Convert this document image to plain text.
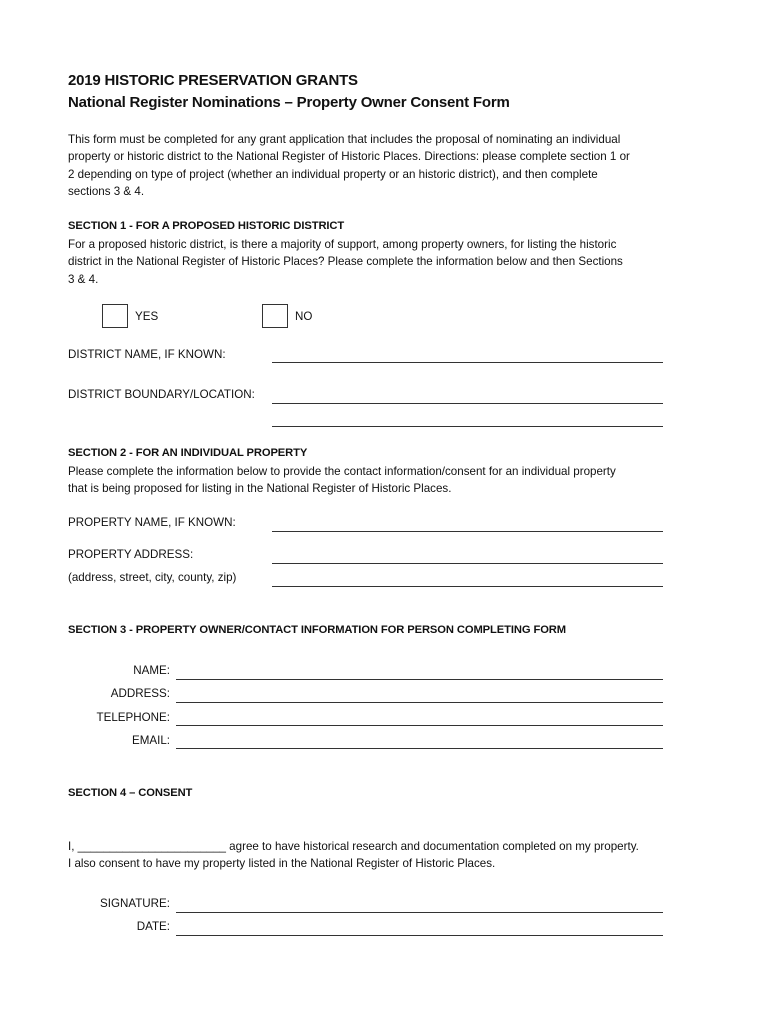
2019 HISTORIC PRESERVATION GRANTS
National Register Nominations – Property Owner Consent Form
This form must be completed for any grant application that includes the proposal of nominating an individual
property or historic district to the National Register of Historic Places. Directions: please complete section 1 or
2 depending on type of project (whether an individual property or an historic district), and then complete
sections 3 & 4.
SECTION 1 - FOR A PROPOSED HISTORIC DISTRICT
For a proposed historic district, is there a majority of support, among property owners, for listing the historic
district in the National Register of Historic Places? Please complete the information below and then Sections
3 & 4.
YES	NO
DISTRICT NAME, IF KNOWN:
DISTRICT BOUNDARY/LOCATION:
SECTION 2 - FOR AN INDIVIDUAL PROPERTY
Please complete the information below to provide the contact information/consent for an individual property
that is being proposed for listing in the National Register of Historic Places.
PROPERTY NAME, IF KNOWN:
PROPERTY ADDRESS:
(address, street, city, county, zip)
SECTION 3 - PROPERTY OWNER/CONTACT INFORMATION FOR PERSON COMPLETING FORM
NAME:
ADDRESS:
TELEPHONE:
EMAIL:
SECTION 4 – CONSENT
I, _______________________ agree to have historical research and documentation completed on my property.
I also consent to have my property listed in the National Register of Historic Places.
SIGNATURE:
DATE:
